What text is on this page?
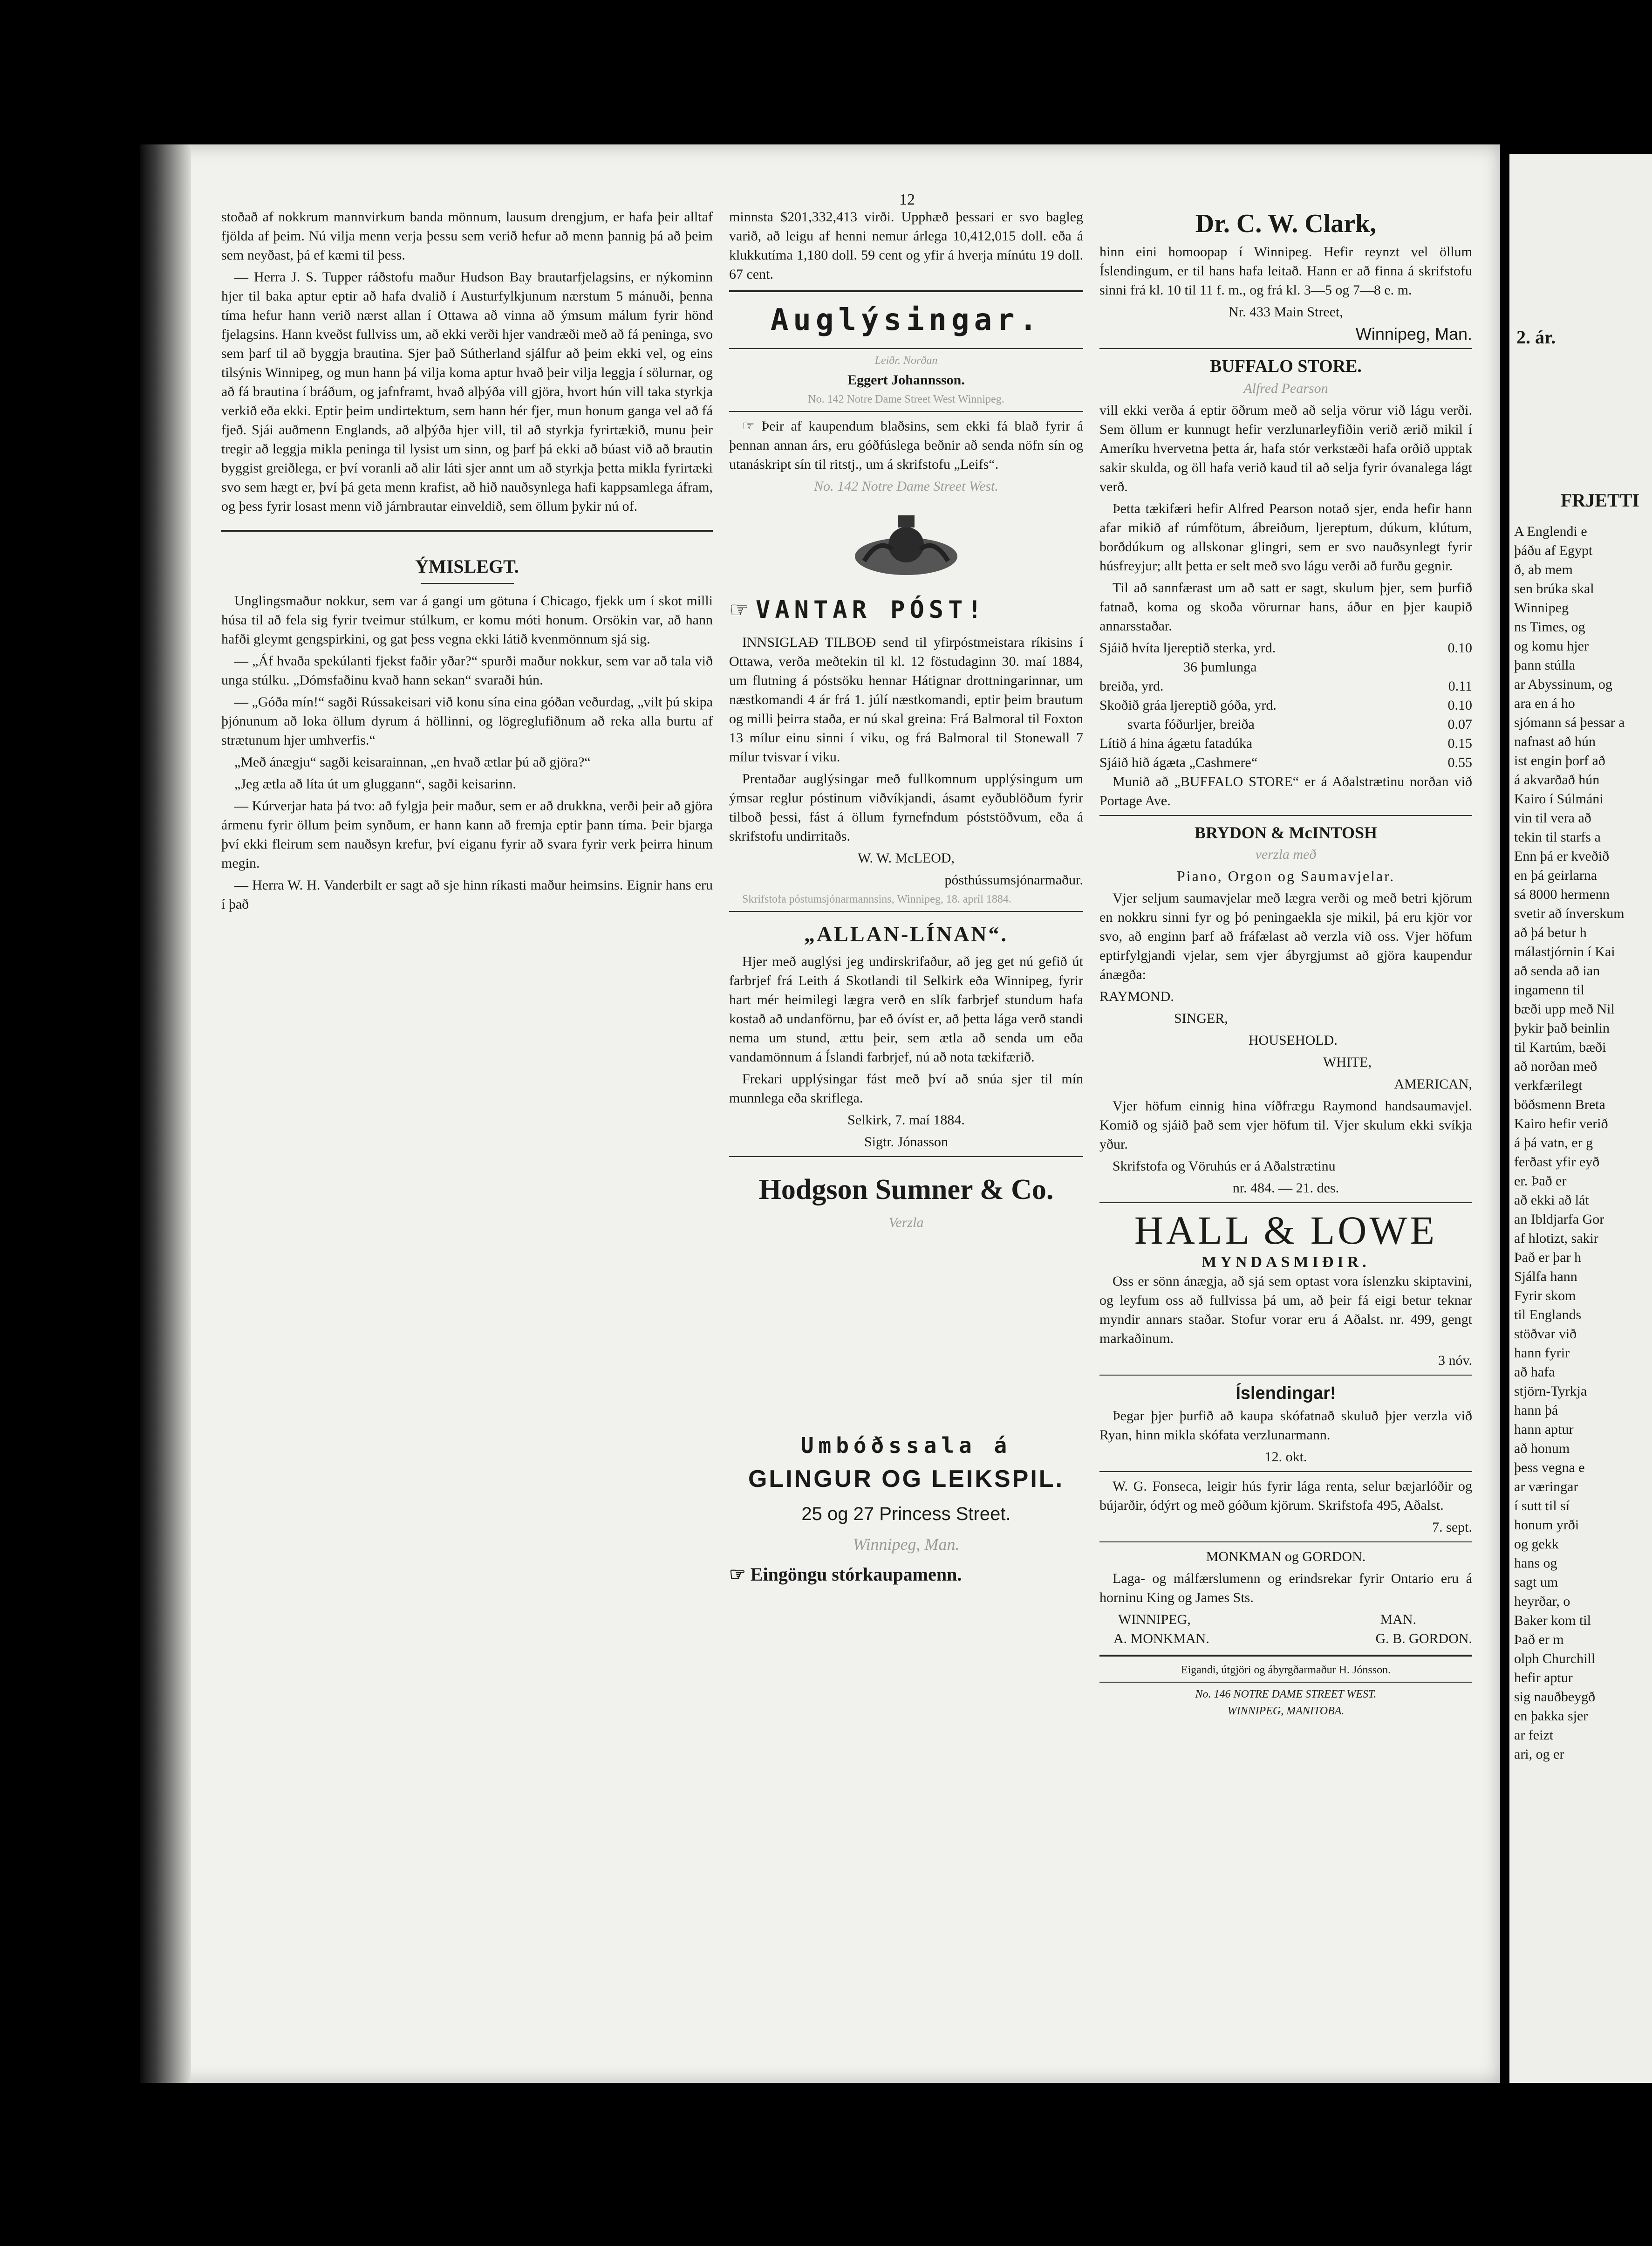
12

stoðað af nokkrum mannvirkum banda mönnum, lausum drengjum, er hafa þeir alltaf fjölda af þeim. Nú vilja menn verja þessu sem verið hefur að menn þannig þá að þeim sem neyðast, þá ef kæmi til þess.

— Herra J. S. Tupper ráðstofu maður Hudson Bay brautarfjelagsins, er nýkominn hjer til baka aptur eptir að hafa dvalið í Austurfylkjunum nærstum 5 mánuði, þenna tíma hefur hann verið nærst allan í Ottawa að vinna að ýmsum málum fyrir hönd fjelagsins. Hann kveðst fullviss um, að ekki verði hjer vandræði með að fá peninga, svo sem þarf til að byggja brautina. Sjer það Sútherland sjálfur að þeim ekki vel, og eins tilsýnis Winnipeg, og mun hann þá vilja koma aptur hvað þeir vilja leggja í sölurnar, og að fá brautina í bráðum, og jafnframt, hvað alþýða vill gjöra, hvort hún vill taka styrkja verkið eða ekki. Eptir þeim undirtektum, sem hann hér fjer, mun honum ganga vel að fá fjeð. Sjái auðmenn Englands, að alþýða hjer vill, til að styrkja fyrirtækið, munu þeir tregir að leggja mikla peninga til lysist um sinn, og þarf þá ekki að búast við að brautin byggist greiðlega, er því voranli að alir láti sjer annt um að styrkja þetta mikla fyrirtæki svo sem hægt er, því þá geta menn krafist, að hið nauðsynlega hafi kappsamlega áfram, og þess fyrir losast menn við járnbrautar einveldið, sem öllum þykir nú of.

ÝMISLEGT.

Unglingsmaður nokkur, sem var á gangi um götuna í Chicago, fjekk um í skot milli húsa til að fela sig fyrir tveimur stúlkum, er komu móti honum. Orsökin var, að hann hafði gleymt gengspirkini, og gat þess vegna ekki látið kvenmönnum sjá sig.

— „Áf hvaða spekúlanti fjekst faðir yðar?“ spurði maður nokkur, sem var að tala við unga stúlku. „Dómsfaðinu kvað hann sekan“ svaraði hún.

— „Góða mín!“ sagði Rússakeisari við konu sína eina góðan veðurdag, „vilt þú skipa þjónunum að loka öllum dyrum á höllinni, og lögreglufiðnum að reka alla burtu af strætunum hjer umhverfis.“

„Með ánægju“ sagði keisarainnan, „en hvað ætlar þú að gjöra?“

„Jeg ætla að líta út um gluggann“, sagði keisarinn.

— Kúrverjar hata þá tvo: að fylgja þeir maður, sem er að drukkna, verði þeir að gjöra ármenu fyrir öllum þeim synðum, er hann kann að fremja eptir þann tíma. Þeir bjarga því ekki fleirum sem nauðsyn krefur, því eiganu fyrir að svara fyrir verk þeirra hinum megin.

— Herra W. H. Vanderbilt er sagt að sje hinn ríkasti maður heimsins. Eignir hans eru í það

minnsta $201,332,413 virði. Upphæð þessari er svo bagleg varið, að leigu af henni nemur árlega 10,412,015 doll. eða á klukkutíma 1,180 doll. 59 cent og yfir á hverja mínútu 19 doll. 67 cent.

Auglýsingar.

Leiðr. Norðan

Eggert Johannsson.

No. 142 Notre Dame Street West Winnipeg.

☞ Þeir af kaupendum blaðsins, sem ekki fá blað fyrir á þennan annan árs, eru góðfúslega beðnir að senda nöfn sín og utanáskript sín til ritstj., um á skrifstofu „Leifs“.

No. 142 Notre Dame Street West.

☞ VANTAR PÓST!

INNSIGLAÐ TILBOÐ send til yfirpóstmeistara ríkisins í Ottawa, verða meðtekin til kl. 12 föstudaginn 30. maí 1884, um flutning á póstsöku hennar Hátignar drottningarinnar, um næstkomandi 4 ár frá 1. júlí næstkomandi, eptir þeim brautum og milli þeirra staða, er nú skal greina: Frá Balmoral til Foxton 13 mílur einu sinni í viku, og frá Balmoral til Stonewall 7 mílur tvisvar í viku.

Prentaðar auglýsingar með fullkomnum upplýsingum um ýmsar reglur póstinum viðvíkjandi, ásamt eyðublöðum fyrir tilboð þessi, fást á öllum fyrnefndum póststöðvum, eða á skrifstofu undirritaðs.

W. W. McLEOD,

pósthússumsjónarmaður.

Skrifstofa póstumsjónarmannsins, Winnipeg, 18. apríl 1884.

„ALLAN-LÍNAN“.

Hjer með auglýsi jeg undirskrifaður, að jeg get nú gefið út farbrjef frá Leith á Skotlandi til Selkirk eða Winnipeg, fyrir hart mér heimilegi lægra verð en slík farbrjef stundum hafa kostað að undanförnu, þar eð óvíst er, að þetta lága verð standi nema um stund, ættu þeir, sem ætla að senda um eða vandamönnum á Íslandi farbrjef, nú að nota tækifærið.

Frekari upplýsingar fást með því að snúa sjer til mín munnlega eða skriflega.

Selkirk, 7. maí 1884.

Sigtr. Jónasson

Hodgson Sumner & Co.

Verzla

Umbóðssala á
GLINGUR OG LEIKSPIL.
25 og 27 Princess Street.
Winnipeg, Man.
☞ Eingöngu stórkaupamenn.
Dr. C. W. Clark,

hinn eini homoopap í Winnipeg. Hefir reynzt vel öllum Íslendingum, er til hans hafa leitað. Hann er að finna á skrifstofu sinni frá kl. 10 til 11 f. m., og frá kl. 3—5 og 7—8 e. m.

Nr. 433 Main Street,

Winnipeg, Man.

BUFFALO STORE.

Alfred Pearson

vill ekki verða á eptir öðrum með að selja vörur við lágu verði. Sem öllum er kunnugt hefir verzlunarleyfiðin verið ærið mikil í Ameríku hvervetna þetta ár, hafa stór verkstæði hafa orðið upptak sakir skulda, og öll hafa verið kaud til að selja fyrir óvanalega lágt verð.

Þetta tækifæri hefir Alfred Pearson notað sjer, enda hefir hann afar mikið af rúmfötum, ábreiðum, ljereptum, dúkum, klútum, borðdúkum og allskonar glingri, sem er svo nauðsynlegt fyrir húsfreyjur; allt þetta er selt með svo lágu verði að furðu gegnir.

Til að sannfærast um að satt er sagt, skulum þjer, sem þurfið fatnað, koma og skoða vörurnar hans, áður en þjer kaupið annarsstaðar.

Sjáið hvíta ljereptið sterka, yrd.	0.10
36 þumlunga
breiða, yrd.	0.11
Skoðið gráa ljereptið góða, yrd.	0.10
svarta fóðurljer, breiða	0.07
Lítið á hina ágætu fatadúka	0.15
Sjáið hið ágæta „Cashmere“	0.55

Munið að „BUFFALO STORE“ er á Aðalstrætinu norðan við Portage Ave.

BRYDON & McINTOSH

verzla með

Piano, Orgon og Saumavjelar.

Vjer seljum saumavjelar með lægra verði og með betri kjörum en nokkru sinni fyr og þó peningaekla sje mikil, þá eru kjör vor svo, að enginn þarf að fráfælast að verzla við oss. Vjer höfum eptirfylgjandi vjelar, sem vjer ábyrgjumst að gjöra kaupendur ánægða:

RAYMOND.

SINGER,

HOUSEHOLD.

WHITE,

AMERICAN,

Vjer höfum einnig hina víðfrægu Raymond handsaumavjel. Komið og sjáið það sem vjer höfum til. Vjer skulum ekki svíkja yður.

Skrifstofa og Vöruhús er á Aðalstrætinu

nr. 484. — 21. des.

HALL & LOWE
MYNDASMIÐIR.

Oss er sönn ánægja, að sjá sem optast vora íslenzku skiptavini, og leyfum oss að fullvissa þá um, að þeir fá eigi betur teknar myndir annars staðar. Stofur vorar eru á Aðalst. nr. 499, gengt markaðinum.

3 nóv.

Íslendingar!

Þegar þjer þurfið að kaupa skófatnað skuluð þjer verzla við Ryan, hinn mikla skófata verzlunarmann.

12. okt.

W. G. Fonseca, leigir hús fyrir lága renta, selur bæjarlóðir og bújarðir, ódýrt og með góðum kjörum. Skrifstofa 495, Aðalst.

7. sept.

MONKMAN og GORDON.

Laga- og málfærslumenn og erindsrekar fyrir Ontario eru á horninu King og James Sts.

WINNIPEG,	MAN.
A. MONKMAN.	G. B. GORDON.

Eigandi, útgjöri og ábyrgðarmaður H. Jónsson.

No. 146 NOTRE DAME STREET WEST.

WINNIPEG, MANITOBA.

2. ár.
FRJETTI

A Englendi e

þáðu af Egypt

ð, ab mem

sen brúka skal

Winnipeg

ns Times, og

og komu hjer

þann stúlla

ar Abyssinum, og

ara en á ho

sjómann sá þessar a

nafnast að hún

ist engin þorf að

á akvarðað hún

Kairo í Súlmáni

vin til vera að

tekin til starfs a

Enn þá er kveðið

en þá geirlarna

sá 8000 hermenn

svetir að ínverskum

að þá betur h

málastjórnin í Kai

að senda að ian

ingamenn til

bæði upp með Nil

þykir það beinlin

til Kartúm, bæði

að norðan með

verkfærilegt

böðsmenn Breta

Kairo hefir verið

á þá vatn, er g

ferðast yfir eyð

er. Það er

að ekki að lát

an Ibldjarfa Gor

af hlotizt, sakir

Það er þar h

Sjálfa hann

Fyrir skom

til Englands

stöðvar við

hann fyrir

að hafa

stjörn-Tyrkja

hann þá

hann aptur

að honum

þess vegna e

ar væringar

í sutt til sí

honum yrði

og gekk

hans og

sagt um

heyrðar, o

Baker kom til

Það er m

olph Churchill

hefir aptur

sig nauðbeygð

en þakka sjer

ar feizt

ari, og er
